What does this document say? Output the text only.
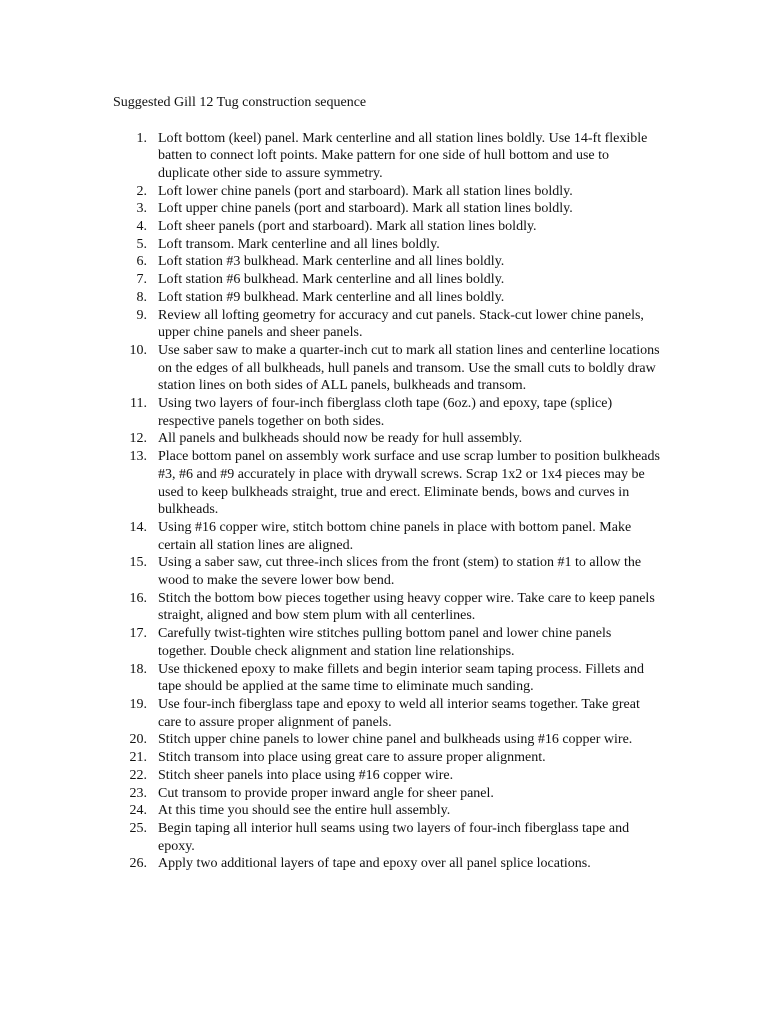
Suggested Gill 12 Tug construction sequence
1. Loft bottom (keel) panel. Mark centerline and all station lines boldly. Use 14-ft flexible batten to connect loft points. Make pattern for one side of hull bottom and use to duplicate other side to assure symmetry.
2. Loft lower chine panels (port and starboard). Mark all station lines boldly.
3. Loft upper chine panels (port and starboard). Mark all station lines boldly.
4. Loft sheer panels (port and starboard). Mark all station lines boldly.
5. Loft transom. Mark centerline and all lines boldly.
6. Loft station #3 bulkhead. Mark centerline and all lines boldly.
7. Loft station #6 bulkhead. Mark centerline and all lines boldly.
8. Loft station #9 bulkhead. Mark centerline and all lines boldly.
9. Review all lofting geometry for accuracy and cut panels. Stack-cut lower chine panels, upper chine panels and sheer panels.
10. Use saber saw to make a quarter-inch cut to mark all station lines and centerline locations on the edges of all bulkheads, hull panels and transom. Use the small cuts to boldly draw station lines on both sides of ALL panels, bulkheads and transom.
11. Using two layers of four-inch fiberglass cloth tape (6oz.) and epoxy, tape (splice) respective panels together on both sides.
12. All panels and bulkheads should now be ready for hull assembly.
13. Place bottom panel on assembly work surface and use scrap lumber to position bulkheads #3, #6 and #9 accurately in place with drywall screws. Scrap 1x2 or 1x4 pieces may be used to keep bulkheads straight, true and erect. Eliminate bends, bows and curves in bulkheads.
14. Using #16 copper wire, stitch bottom chine panels in place with bottom panel. Make certain all station lines are aligned.
15. Using a saber saw, cut three-inch slices from the front (stem) to station #1 to allow the wood to make the severe lower bow bend.
16. Stitch the bottom bow pieces together using heavy copper wire. Take care to keep panels straight, aligned and bow stem plum with all centerlines.
17. Carefully twist-tighten wire stitches pulling bottom panel and lower chine panels together. Double check alignment and station line relationships.
18. Use thickened epoxy to make fillets and begin interior seam taping process. Fillets and tape should be applied at the same time to eliminate much sanding.
19. Use four-inch fiberglass tape and epoxy to weld all interior seams together. Take great care to assure proper alignment of panels.
20. Stitch upper chine panels to lower chine panel and bulkheads using #16 copper wire.
21. Stitch transom into place using great care to assure proper alignment.
22. Stitch sheer panels into place using #16 copper wire.
23. Cut transom to provide proper inward angle for sheer panel.
24. At this time you should see the entire hull assembly.
25. Begin taping all interior hull seams using two layers of four-inch fiberglass tape and epoxy.
26. Apply two additional layers of tape and epoxy over all panel splice locations.
